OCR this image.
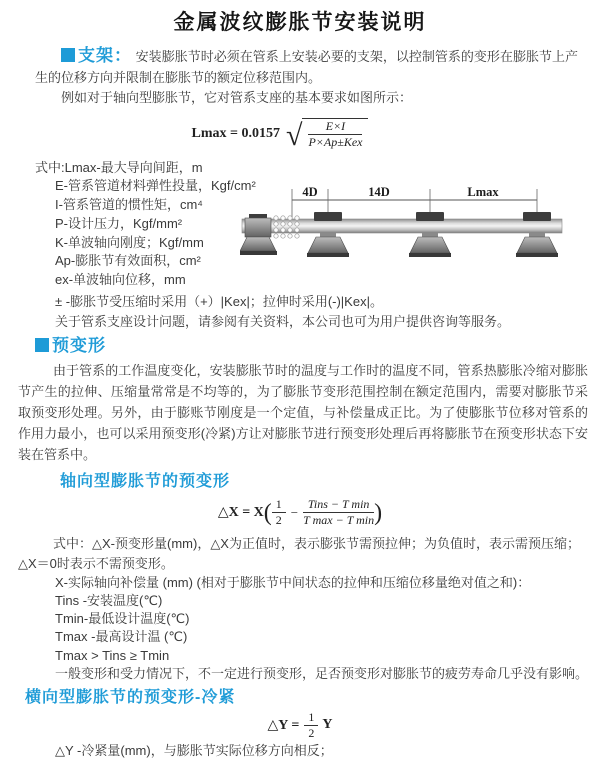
金属波纹膨胀节安装说明
支架： 安装膨胀节时必须在管系上安装必要的支架，以控制管系的变形在膨胀节上产生的位移方向并限制在膨胀节的额定位移范围内。
例如对于轴向型膨胀节，它对管系支座的基本要求如图所示：
Lmax = 0.0157 √ $\frac{E\times I}{\text{P×Ap±Kex}}$
式中:Lmax-最大导向间距，m
E-管系管道材料弹性投量，Kgf/cm²
I-管系管道的惯性矩，cm⁴
P-设计压力，Kgf/mm²
K-单波轴向刚度；Kgf/mm
Ap-膨胀节有效面积，cm²
ex-单波轴向位移，mm
4D	14D	Lmax
± -膨胀节受压缩时采用（+）|Kex|；拉伸时采用(-)|Kex|。
关于管系支座设计问题，请参阅有关资料，本公司也可为用户提供咨询等服务。
预变形
由于管系的工作温度变化，安装膨胀节时的温度与工作时的温度不同，管系热膨胀冷缩对膨胀节产生的拉伸、压缩量常常是不均等的，为了膨胀节变形范围控制在额定范围内，需要对膨胀节采取预变形处理。另外，由于膨账节刚度是一个定值，与补偿量成正比。为了使膨胀节位移对管系的作用力最小，也可以采用预变形(冷紧)方让对膨胀节进行预变形处理后再将膨胀节在预变形状态下安装在管系中。
轴向型膨胀节的预变形
△X = X ( $\frac{1}{2} - \frac{\text{Tins − T min}}{\text{T max − T min}}$ )
式中：△X-预变形量(mm)，△X为正值时，表示膨张节需预拉伸；为负值时，表示需预压缩；△X＝0时表示不需预变形。
X-实际轴向补偿量 (mm) (相对于膨胀节中间状态的拉伸和压缩位移量绝对值之和)：
Tins -安装温度(℃)
Tmin-最低设计温度(℃)
Tmax -最高设计温 (℃)
Tmax > Tins ≥ Tmin
一般变形和受力情况下，不一定进行预变形，足否预变形对膨胀节的疲劳寿命几乎没有影响。
横向型膨胀节的预变形-冷紧
△Y = $\frac{1}{2}$ Y
△Y -冷紧量(mm)，与膨胀节实际位移方向相反；
